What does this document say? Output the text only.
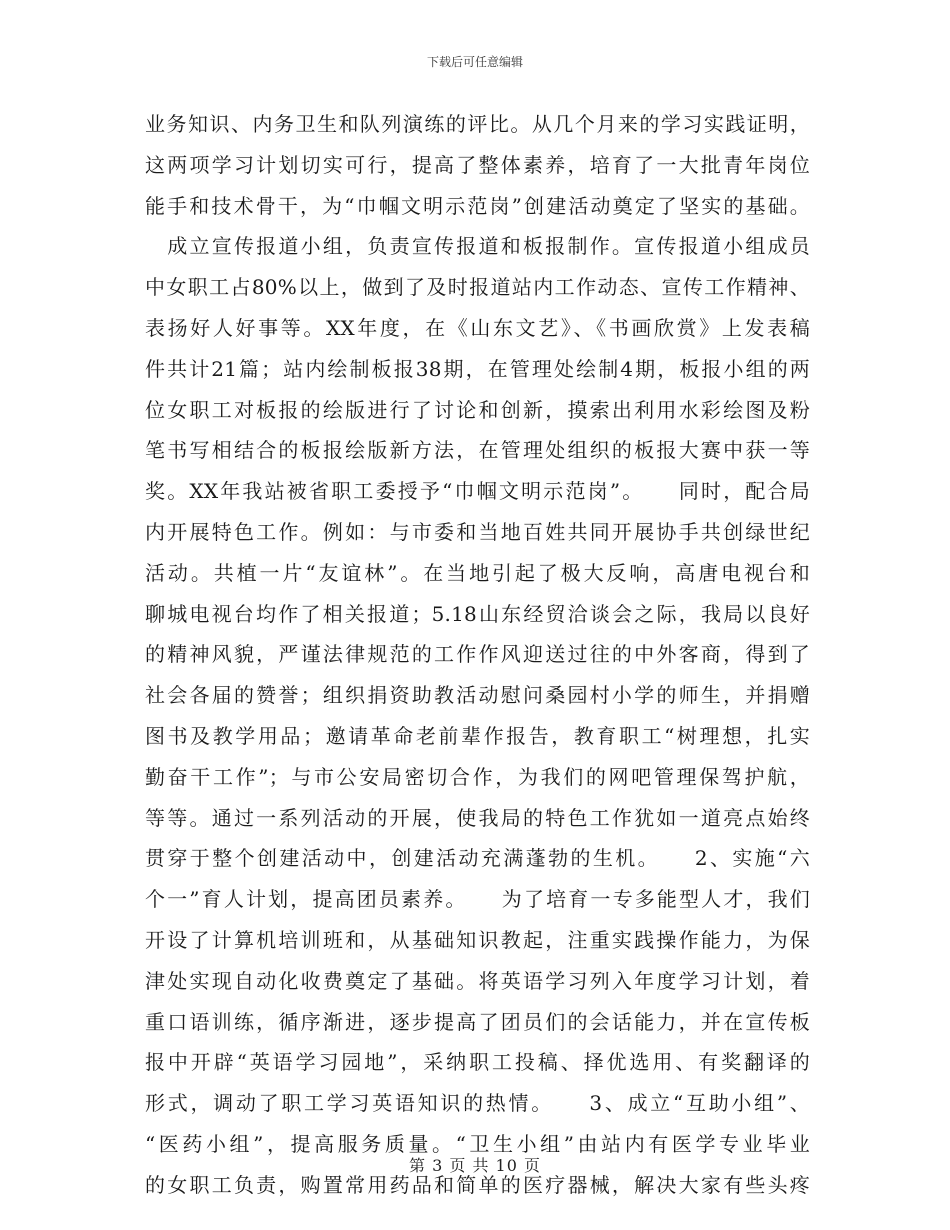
下载后可任意编辑
业务知识、内务卫生和队列演练的评比。从几个月来的学习实践证明，
这两项学习计划切实可行，提高了整体素养，培育了一大批青年岗位
能手和技术骨干，为“巾帼文明示范岗”创建活动奠定了坚实的基础。
　成立宣传报道小组，负责宣传报道和板报制作。宣传报道小组成员
中女职工占80%以上，做到了及时报道站内工作动态、宣传工作精神、
表扬好人好事等。XX年度，在《山东文艺》、《书画欣赏》上发表稿
件共计21篇；站内绘制板报38期，在管理处绘制4期，板报小组的两
位女职工对板报的绘版进行了讨论和创新，摸索出利用水彩绘图及粉
笔书写相结合的板报绘版新方法，在管理处组织的板报大赛中获一等
奖。XX年我站被省职工委授予“巾帼文明示范岗”。　　同时，配合局
内开展特色工作。例如：与市委和当地百姓共同开展协手共创绿世纪
活动。共植一片“友谊林”。在当地引起了极大反响，高唐电视台和
聊城电视台均作了相关报道；5.18山东经贸洽谈会之际，我局以良好
的精神风貌，严谨法律规范的工作作风迎送过往的中外客商，得到了
社会各届的赞誉；组织捐资助教活动慰问桑园村小学的师生，并捐赠
图书及教学用品；邀请革命老前辈作报告，教育职工“树理想，扎实
勤奋干工作”；与市公安局密切合作，为我们的网吧管理保驾护航，
等等。通过一系列活动的开展，使我局的特色工作犹如一道亮点始终
贯穿于整个创建活动中，创建活动充满蓬勃的生机。　　2、实施“六
个一”育人计划，提高团员素养。　　为了培育一专多能型人才，我们
开设了计算机培训班和，从基础知识教起，注重实践操作能力，为保
津处实现自动化收费奠定了基础。将英语学习列入年度学习计划，着
重口语训练，循序渐进，逐步提高了团员们的会话能力，并在宣传板
报中开辟“英语学习园地”，采纳职工投稿、择优选用、有奖翻译的
形式，调动了职工学习英语知识的热情。　　3、成立“互助小组”、
“医药小组”，提高服务质量。“卫生小组”由站内有医学专业毕业
的女职工负责，购置常用药品和简单的医疗器械，解决大家有些头疼
第 3 页 共 10 页
